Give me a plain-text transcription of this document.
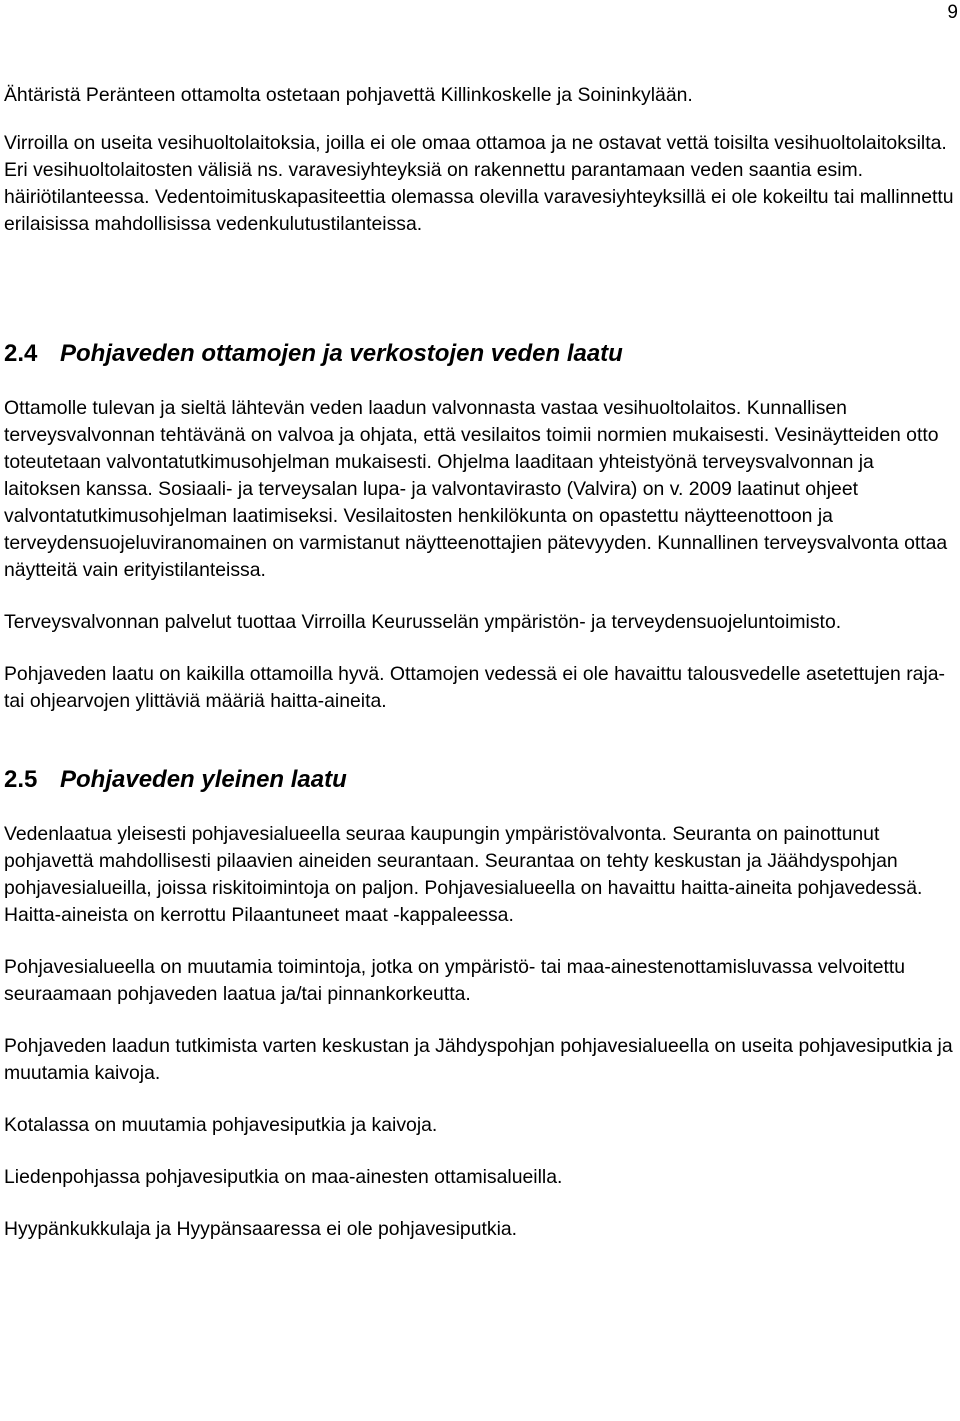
9

Ähtäristä Peränteen ottamolta ostetaan pohjavettä Killinkoskelle ja Soininkylään.

Virroilla on useita vesihuoltolaitoksia, joilla ei ole omaa ottamoa ja ne ostavat vettä toisilta vesihuoltolaitoksilta. Eri vesihuoltolaitosten välisiä ns. varavesiyhteyksiä on rakennettu parantamaan veden saantia esim. häiriötilanteessa. Vedentoimituskapasiteettia olemassa olevilla varavesiyhteyksillä ei ole kokeiltu tai mallinnettu erilaisissa mahdollisissa vedenkulutustilanteissa.

2.4 Pohjaveden ottamojen ja verkostojen veden laatu

Ottamolle tulevan ja sieltä lähtevän veden laadun valvonnasta vastaa vesihuoltolaitos. Kunnallisen terveysvalvonnan tehtävänä on valvoa ja ohjata, että vesilaitos toimii normien mukaisesti. Vesinäytteiden otto toteutetaan valvontatutkimusohjelman mukaisesti. Ohjelma laaditaan yhteistyönä terveysvalvonnan ja laitoksen kanssa. Sosiaali- ja terveysalan lupa- ja valvontavirasto (Valvira) on v. 2009 laatinut ohjeet valvontatutkimusohjelman laatimiseksi. Vesilaitosten henkilökunta on opastettu näytteenottoon ja terveydensuojeluviranomainen on varmistanut näytteenottajien pätevyyden. Kunnallinen terveysvalvonta ottaa näytteitä vain erityistilanteissa.

Terveysvalvonnan palvelut tuottaa Virroilla Keurusselän ympäristön- ja terveydensuojeluntoimisto.

Pohjaveden laatu on kaikilla ottamoilla hyvä. Ottamojen vedessä ei ole havaittu talousvedelle asetettujen raja- tai ohjearvojen ylittäviä määriä haitta-aineita.

2.5 Pohjaveden yleinen laatu

Vedenlaatua yleisesti pohjavesialueella seuraa kaupungin ympäristövalvonta. Seuranta on painottunut pohjavettä mahdollisesti pilaavien aineiden seurantaan. Seurantaa on tehty keskustan ja Jäähdyspohjan pohjavesialueilla, joissa riskitoimintoja on paljon. Pohjavesialueella on havaittu haitta-aineita pohjavedessä. Haitta-aineista on kerrottu Pilaantuneet maat -kappaleessa.

Pohjavesialueella on muutamia toimintoja, jotka on ympäristö- tai maa-ainestenottamisluvassa velvoitettu seuraamaan pohjaveden laatua ja/tai pinnankorkeutta.

Pohjaveden laadun tutkimista varten keskustan ja Jähdyspohjan pohjavesialueella on useita pohjavesiputkia ja muutamia kaivoja.

Kotalassa on muutamia pohjavesiputkia ja kaivoja.

Liedenpohjassa pohjavesiputkia on maa-ainesten ottamisalueilla.

Hyypänkukkulaja ja Hyypänsaaressa ei ole pohjavesiputkia.
